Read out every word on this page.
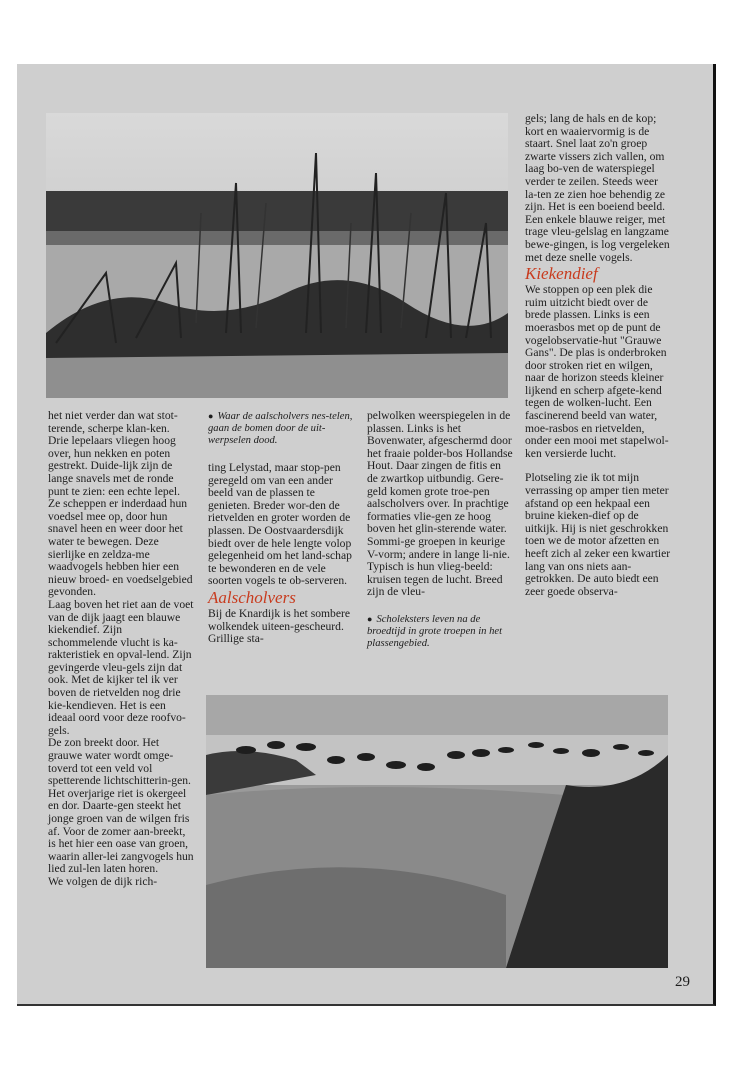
het niet verder dan wat stot-terende, scherpe klan-ken.

Drie lepelaars vliegen hoog over, hun nekken en poten gestrekt. Duide-lijk zijn de lange snavels met de ronde punt te zien: een echte lepel. Ze scheppen er inderdaad hun voedsel mee op, door hun snavel heen en weer door het water te bewegen. Deze sierlijke en zeldza-me waadvogels hebben hier een nieuw broed- en voedselgebied gevonden.

Laag boven het riet aan de voet van de dijk jaagt een blauwe kiekendief. Zijn schommelende vlucht is ka-rakteristiek en opval-lend. Zijn gevingerde vleu-gels zijn dat ook. Met de kijker tel ik ver boven de rietvelden nog drie kie-kendieven. Het is een ideaal oord voor deze roofvo-gels.

De zon breekt door. Het grauwe water wordt omge-toverd tot een veld vol spetterende lichtschitterin-gen. Het overjarige riet is okergeel en dor. Daarte-gen steekt het jonge groen van de wilgen fris af. Voor de zomer aan-breekt, is het hier een oase van groen, waarin aller-lei zangvogels hun lied zul-len laten horen.

We volgen de dijk rich-

● Waar de aalscholvers nes-telen, gaan de bomen door de uit-werpselen dood.

ting Lelystad, maar stop-pen geregeld om van een ander beeld van de plassen te genieten. Breder wor-den de rietvelden en groter worden de plassen. De Oostvaardersdijk biedt over de hele lengte volop gelegenheid om het land-schap te bewonderen en de vele soorten vogels te ob-serveren.

Aalscholvers

Bij de Knardijk is het sombere wolkendek uiteen-gescheurd. Grillige sta-

pelwolken weerspiegelen in de plassen. Links is het Bovenwater, afgeschermd door het fraaie polder-bos Hollandse Hout. Daar zingen de fitis en de zwartkop uitbundig. Gere-geld komen grote troe-pen aalscholvers over. In prachtige formaties vlie-gen ze hoog boven het glin-sterende water. Sommi-ge groepen in keurige V-vorm; andere in lange li-nie. Typisch is hun vlieg-beeld: kruisen tegen de lucht. Breed zijn de vleu-

● Scholeksters leven na de broedtijd in grote troepen in het plassengebied.

gels; lang de hals en de kop; kort en waaiervormig is de staart. Snel laat zo'n groep zwarte vissers zich vallen, om laag bo-ven de waterspiegel verder te zeilen. Steeds weer la-ten ze zien hoe behendig ze zijn. Het is een boeiend beeld. Een enkele blauwe reiger, met trage vleu-gelslag en langzame bewe-gingen, is log vergeleken met deze snelle vogels.

Kiekendief

We stoppen op een plek die ruim uitzicht biedt over de brede plassen. Links is een moerasbos met op de punt de vogelobservatie-hut "Grauwe Gans". De plas is onderbroken door stroken riet en wilgen, naar de horizon steeds kleiner lijkend en scherp afgete-kend tegen de wolken-lucht. Een fascinerend beeld van water, moe-rasbos en rietvelden, onder een mooi met stapelwol-ken versierde lucht.

Plotseling zie ik tot mijn verrassing op amper tien meter afstand op een hekpaal een bruine kieken-dief op de uitkijk. Hij is niet geschrokken toen we de motor afzetten en heeft zich al zeker een kwartier lang van ons niets aan-getrokken. De auto biedt een zeer goede observa-

29
